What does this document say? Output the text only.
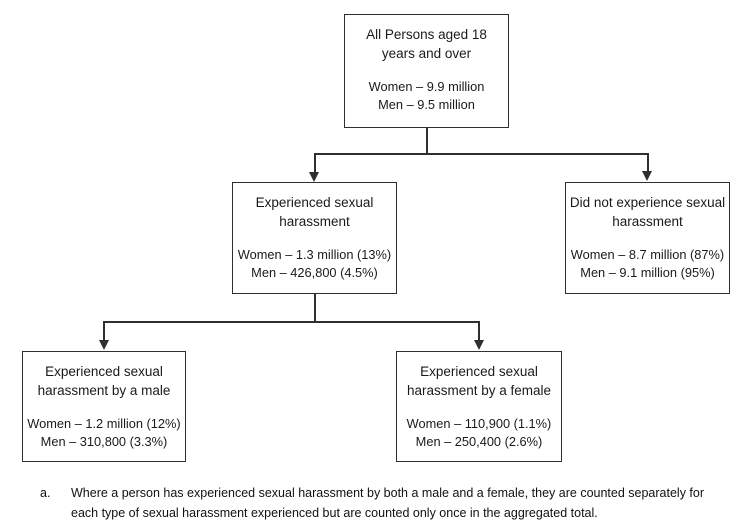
All Persons aged 18 years and over
Women – 9.9 million
Men – 9.5 million
Experienced sexual harassment
Women – 1.3 million (13%)
Men – 426,800 (4.5%)
Did not experience sexual harassment
Women – 8.7 million (87%)
Men – 9.1 million (95%)
Experienced sexual harassment by a male
Women – 1.2 million (12%)
Men – 310,800 (3.3%)
Experienced sexual harassment by a female
Women – 110,900 (1.1%)
Men – 250,400 (2.6%)
a.	Where a person has experienced sexual harassment by both a male and a female, they are counted separately for each type of sexual harassment experienced but are counted only once in the aggregated total.
